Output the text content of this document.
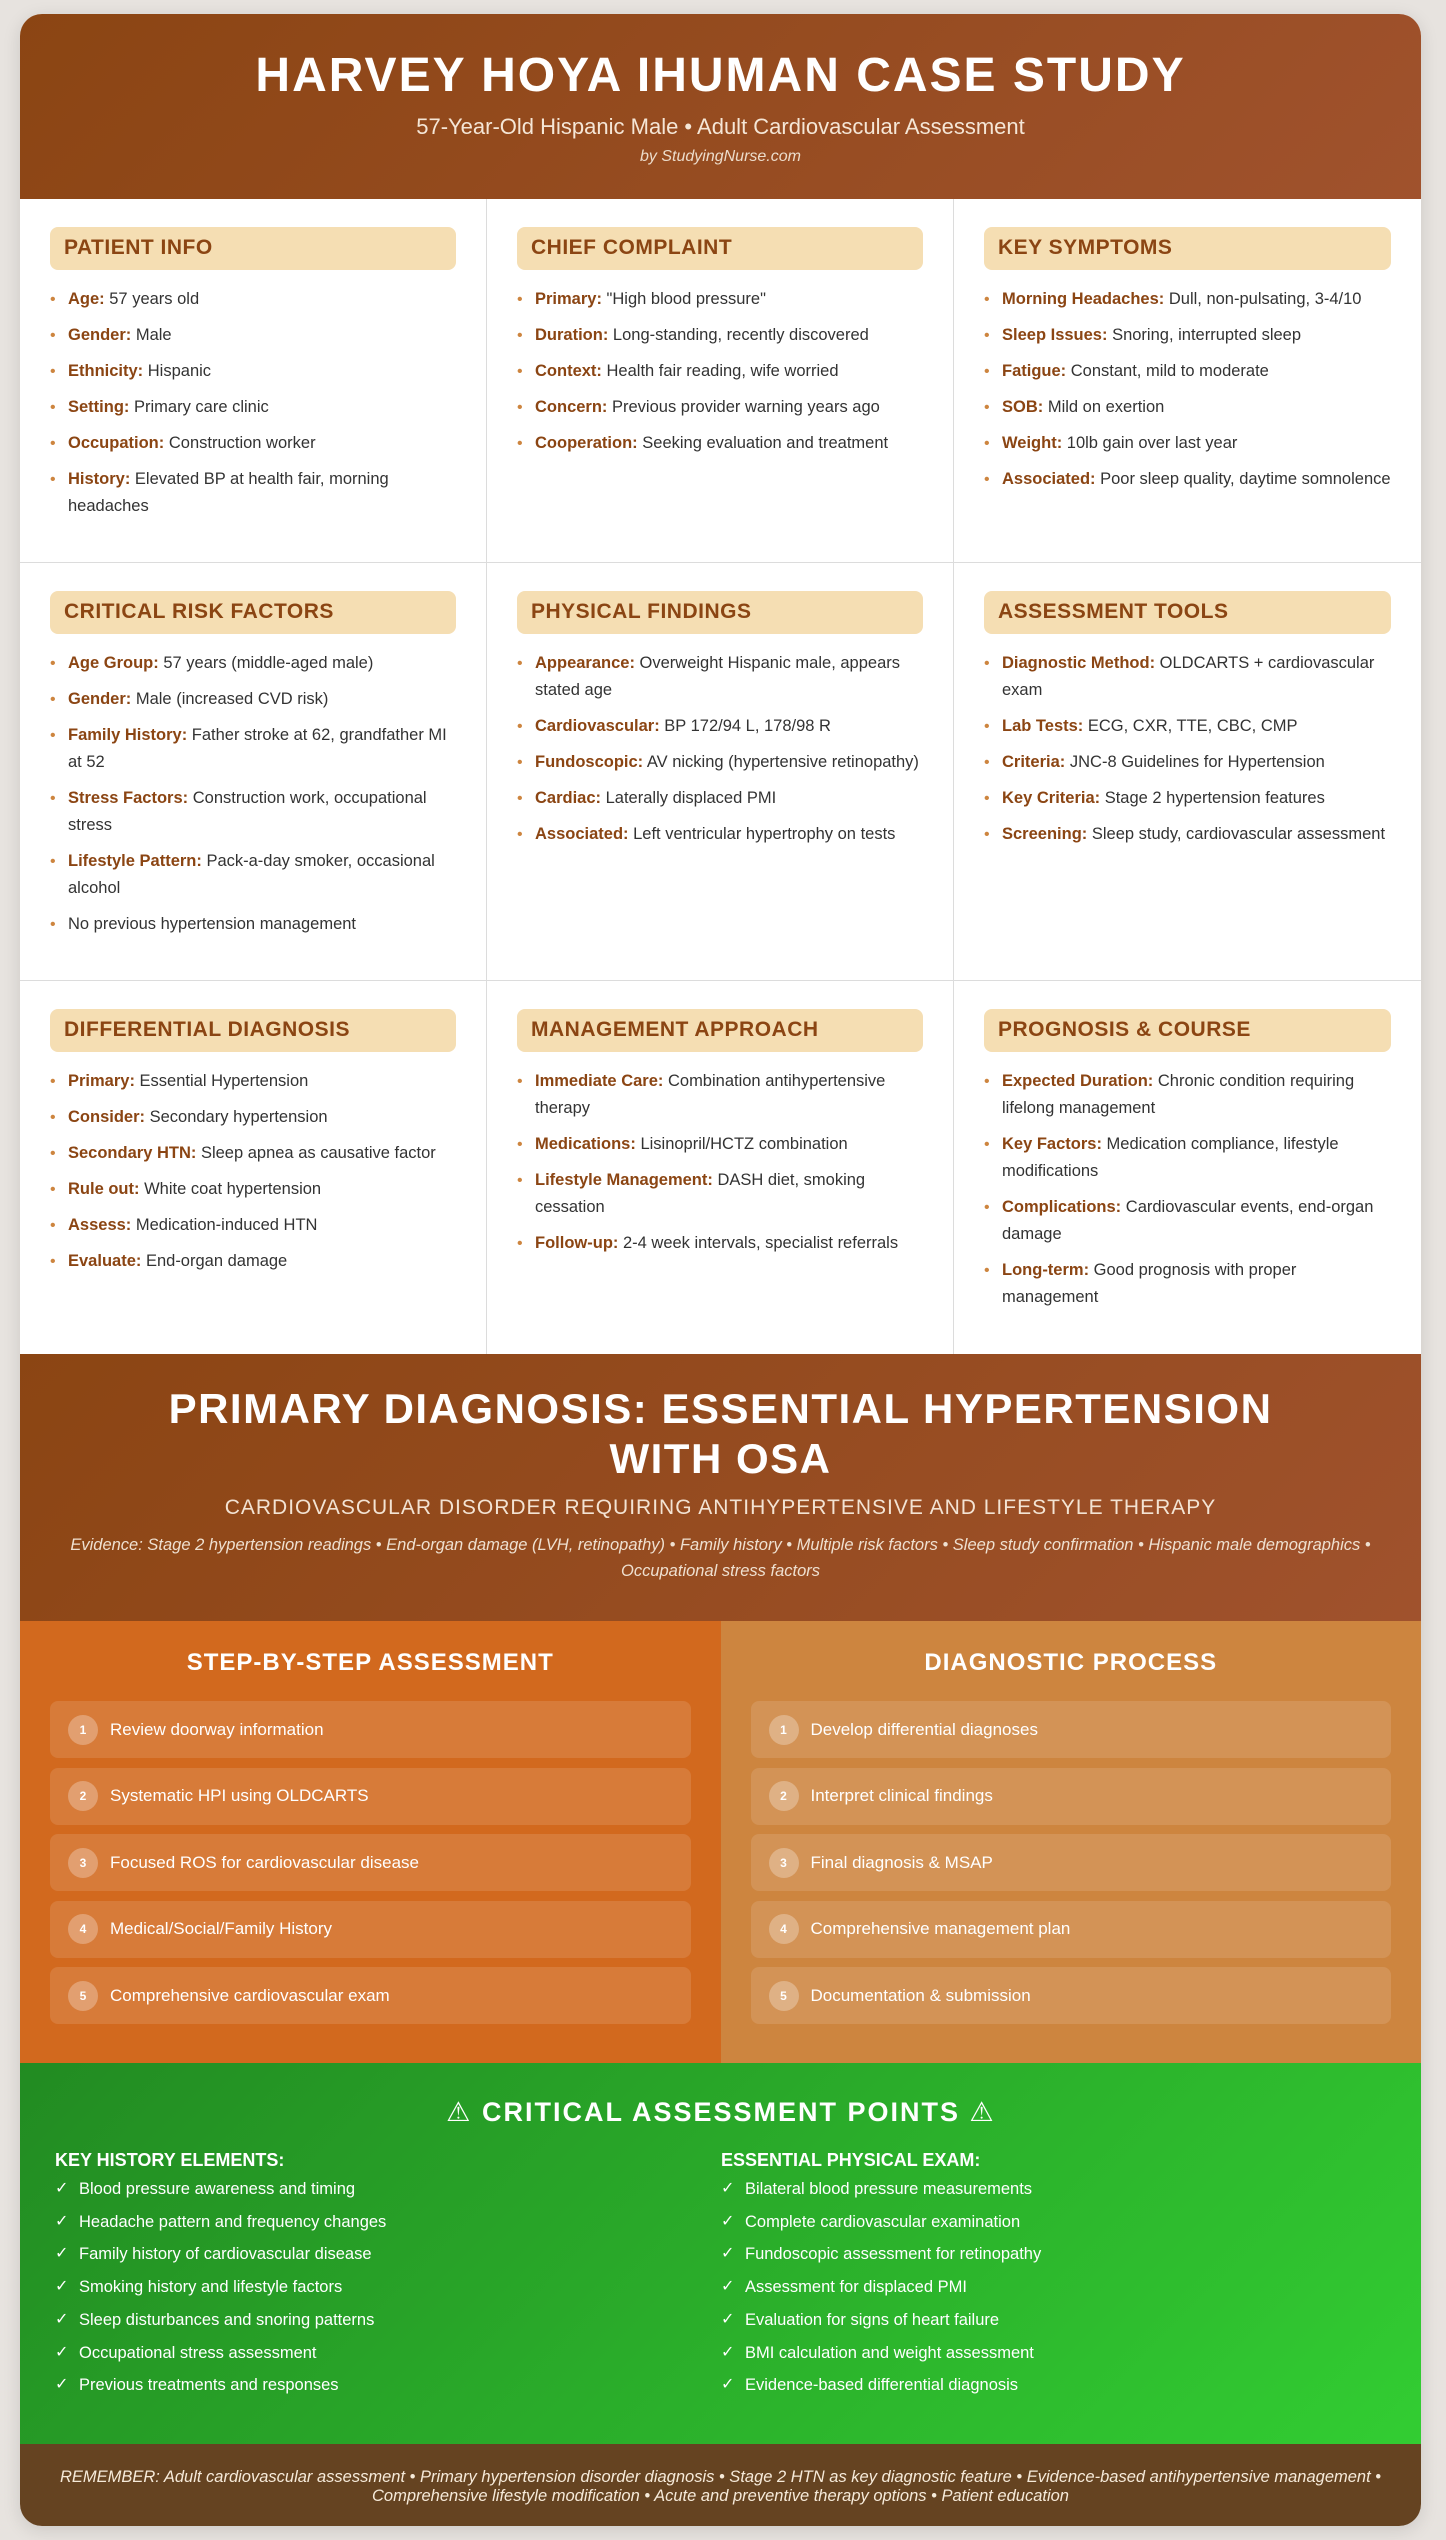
HARVEY HOYA IHUMAN CASE STUDY
57-Year-Old Hispanic Male • Adult Cardiovascular Assessment
by StudyingNurse.com
PATIENT INFO
• Age: 57 years old
• Gender: Male
• Ethnicity: Hispanic
• Setting: Primary care clinic
• Occupation: Construction worker
• History: Elevated BP at health fair, morning headaches
CHIEF COMPLAINT
• Primary: "High blood pressure"
• Duration: Long-standing, recently discovered
• Context: Health fair reading, wife worried
• Concern: Previous provider warning years ago
• Cooperation: Seeking evaluation and treatment
KEY SYMPTOMS
• Morning Headaches: Dull, non-pulsating, 3-4/10
• Sleep Issues: Snoring, interrupted sleep
• Fatigue: Constant, mild to moderate
• SOB: Mild on exertion
• Weight: 10lb gain over last year
• Associated: Poor sleep quality, daytime somnolence
CRITICAL RISK FACTORS
• Age Group: 57 years (middle-aged male)
• Gender: Male (increased CVD risk)
• Family History: Father stroke at 62, grandfather MI at 52
• Stress Factors: Construction work, occupational stress
• Lifestyle Pattern: Pack-a-day smoker, occasional alcohol
• No previous hypertension management
PHYSICAL FINDINGS
• Appearance: Overweight Hispanic male, appears stated age
• Cardiovascular: BP 172/94 L, 178/98 R
• Fundoscopic: AV nicking (hypertensive retinopathy)
• Cardiac: Laterally displaced PMI
• Associated: Left ventricular hypertrophy on tests
ASSESSMENT TOOLS
• Diagnostic Method: OLDCARTS + cardiovascular exam
• Lab Tests: ECG, CXR, TTE, CBC, CMP
• Criteria: JNC-8 Guidelines for Hypertension
• Key Criteria: Stage 2 hypertension features
• Screening: Sleep study, cardiovascular assessment
DIFFERENTIAL DIAGNOSIS
• Primary: Essential Hypertension
• Consider: Secondary hypertension
• Secondary HTN: Sleep apnea as causative factor
• Rule out: White coat hypertension
• Assess: Medication-induced HTN
• Evaluate: End-organ damage
MANAGEMENT APPROACH
• Immediate Care: Combination antihypertensive therapy
• Medications: Lisinopril/HCTZ combination
• Lifestyle Management: DASH diet, smoking cessation
• Follow-up: 2-4 week intervals, specialist referrals
PROGNOSIS & COURSE
• Expected Duration: Chronic condition requiring lifelong management
• Key Factors: Medication compliance, lifestyle modifications
• Complications: Cardiovascular events, end-organ damage
• Long-term: Good prognosis with proper management
PRIMARY DIAGNOSIS: ESSENTIAL HYPERTENSION WITH OSA
CARDIOVASCULAR DISORDER REQUIRING ANTIHYPERTENSIVE AND LIFESTYLE THERAPY
Evidence: Stage 2 hypertension readings • End-organ damage (LVH, retinopathy) • Family history • Multiple risk factors • Sleep study confirmation • Hispanic male demographics • Occupational stress factors
STEP-BY-STEP ASSESSMENT
1	Review doorway information
2	Systematic HPI using OLDCARTS
3	Focused ROS for cardiovascular disease
4	Medical/Social/Family History
5	Comprehensive cardiovascular exam
DIAGNOSTIC PROCESS
1	Develop differential diagnoses
2	Interpret clinical findings
3	Final diagnosis & MSAP
4	Comprehensive management plan
5	Documentation & submission
⚠ CRITICAL ASSESSMENT POINTS ⚠
KEY HISTORY ELEMENTS:
✓ Blood pressure awareness and timing
✓ Headache pattern and frequency changes
✓ Family history of cardiovascular disease
✓ Smoking history and lifestyle factors
✓ Sleep disturbances and snoring patterns
✓ Occupational stress assessment
✓ Previous treatments and responses
ESSENTIAL PHYSICAL EXAM:
✓ Bilateral blood pressure measurements
✓ Complete cardiovascular examination
✓ Fundoscopic assessment for retinopathy
✓ Assessment for displaced PMI
✓ Evaluation for signs of heart failure
✓ BMI calculation and weight assessment
✓ Evidence-based differential diagnosis
REMEMBER: Adult cardiovascular assessment • Primary hypertension disorder diagnosis • Stage 2 HTN as key diagnostic feature • Evidence-based antihypertensive management • Comprehensive lifestyle modification • Acute and preventive therapy options • Patient education
